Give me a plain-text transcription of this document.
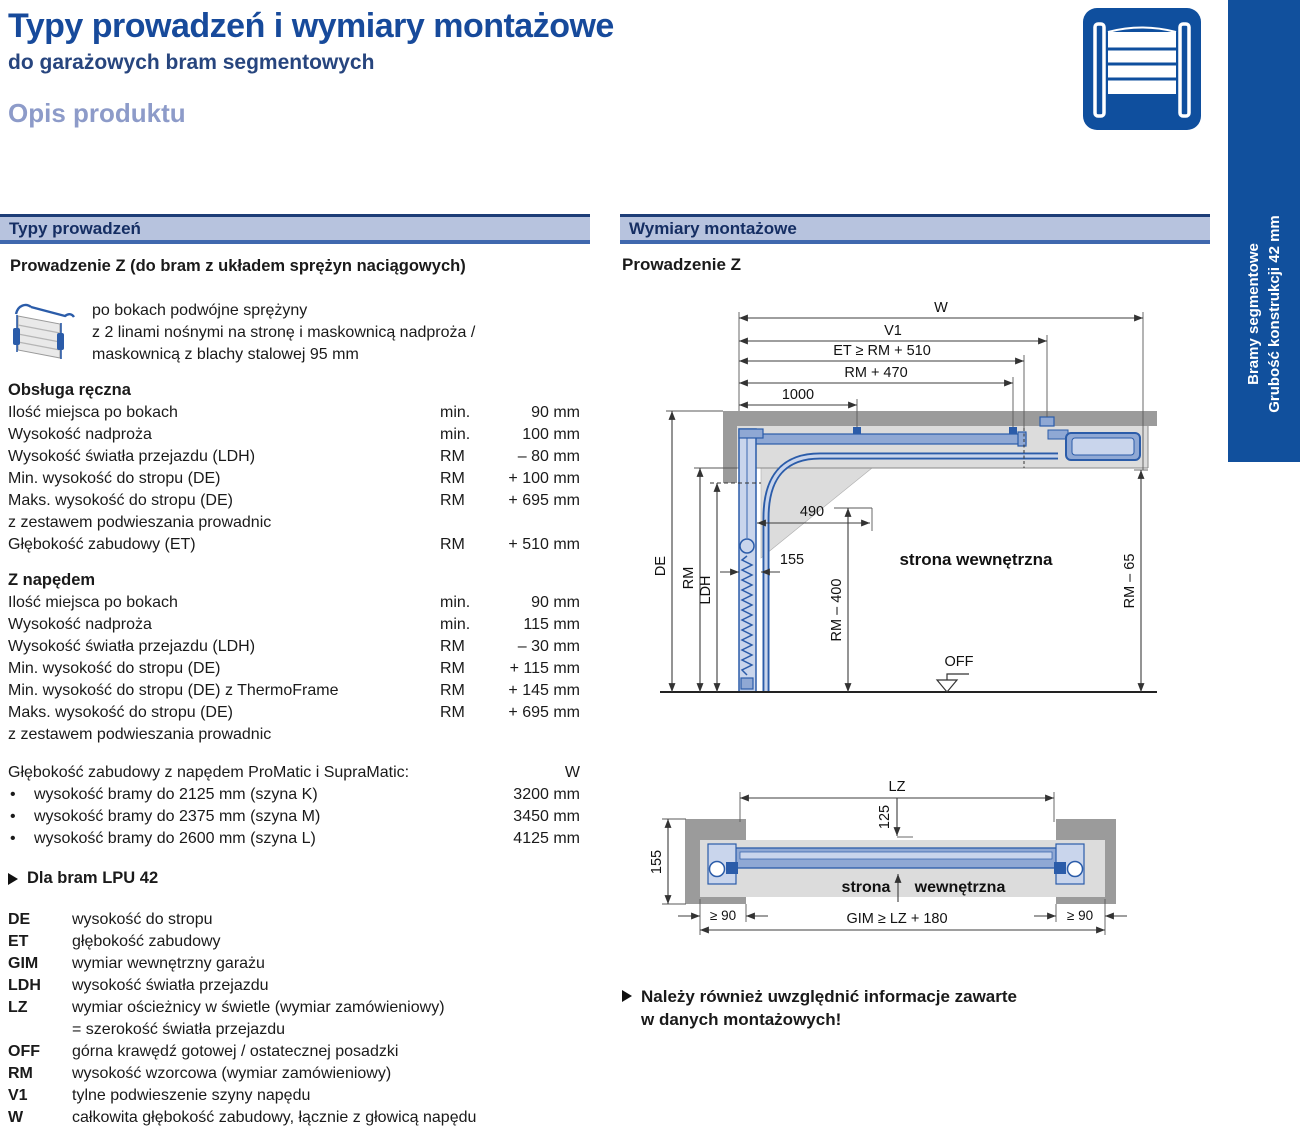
Typy prowadzeń i wymiary montażowe
do garażowych bram segmentowych
Opis produktu
Bramy segmentowe Grubość konstrukcji 42 mm
Typy prowadzeń
Prowadzenie Z (do bram z układem sprężyn naciągowych)
po bokach podwójne sprężyny
z 2 linami nośnymi na stronę i maskownicą nadproża /
maskownicą z blachy stalowej 95 mm
Obsługa ręczna
Ilość miejsca po bokach	min.	90 mm
Wysokość nadproża	min.	100 mm
Wysokość światła przejazdu (LDH)	RM	– 80 mm
Min. wysokość do stropu (DE)	RM	+ 100 mm
Maks. wysokość do stropu (DE)	RM	+ 695 mm
z zestawem podwieszania prowadnic
Głębokość zabudowy (ET)	RM	+ 510 mm
Z napędem
Ilość miejsca po bokach	min.	90 mm
Wysokość nadproża	min.	115 mm
Wysokość światła przejazdu (LDH)	RM	– 30 mm
Min. wysokość do stropu (DE)	RM	+ 115 mm
Min. wysokość do stropu (DE) z ThermoFrame	RM	+ 145 mm
Maks. wysokość do stropu (DE)	RM	+ 695 mm
z zestawem podwieszania prowadnic
Głębokość zabudowy z napędem ProMatic i SupraMatic:	W
• wysokość bramy do 2125 mm (szyna K)	3200 mm
• wysokość bramy do 2375 mm (szyna M)	3450 mm
• wysokość bramy do 2600 mm (szyna L)	4125 mm
Dla bram LPU 42
DE	wysokość do stropu
ET	głębokość zabudowy
GIM	wymiar wewnętrzny garażu
LDH	wysokość światła przejazdu
LZ	wymiar ościeżnicy w świetle (wymiar zamówieniowy)
= szerokość światła przejazdu
OFF	górna krawędź gotowej / ostatecznej posadzki
RM	wysokość wzorcowa (wymiar zamówieniowy)
V1	tylne podwieszenie szyny napędu
W	całkowita głębokość zabudowy, łącznie z głowicą napędu
Wymiary montażowe
Prowadzenie Z
W
V1
ET ≥ RM + 510
RM + 470
1000
DE
RM LDH
490
155
RM – 400	RM – 65
strona wewnętrzna
OFF
LZ
125
155
≥ 90	≥ 90
strona wewnętrzna
GIM ≥ LZ + 180
Należy również uwzględnić informacje zawarte
w danych montażowych!
